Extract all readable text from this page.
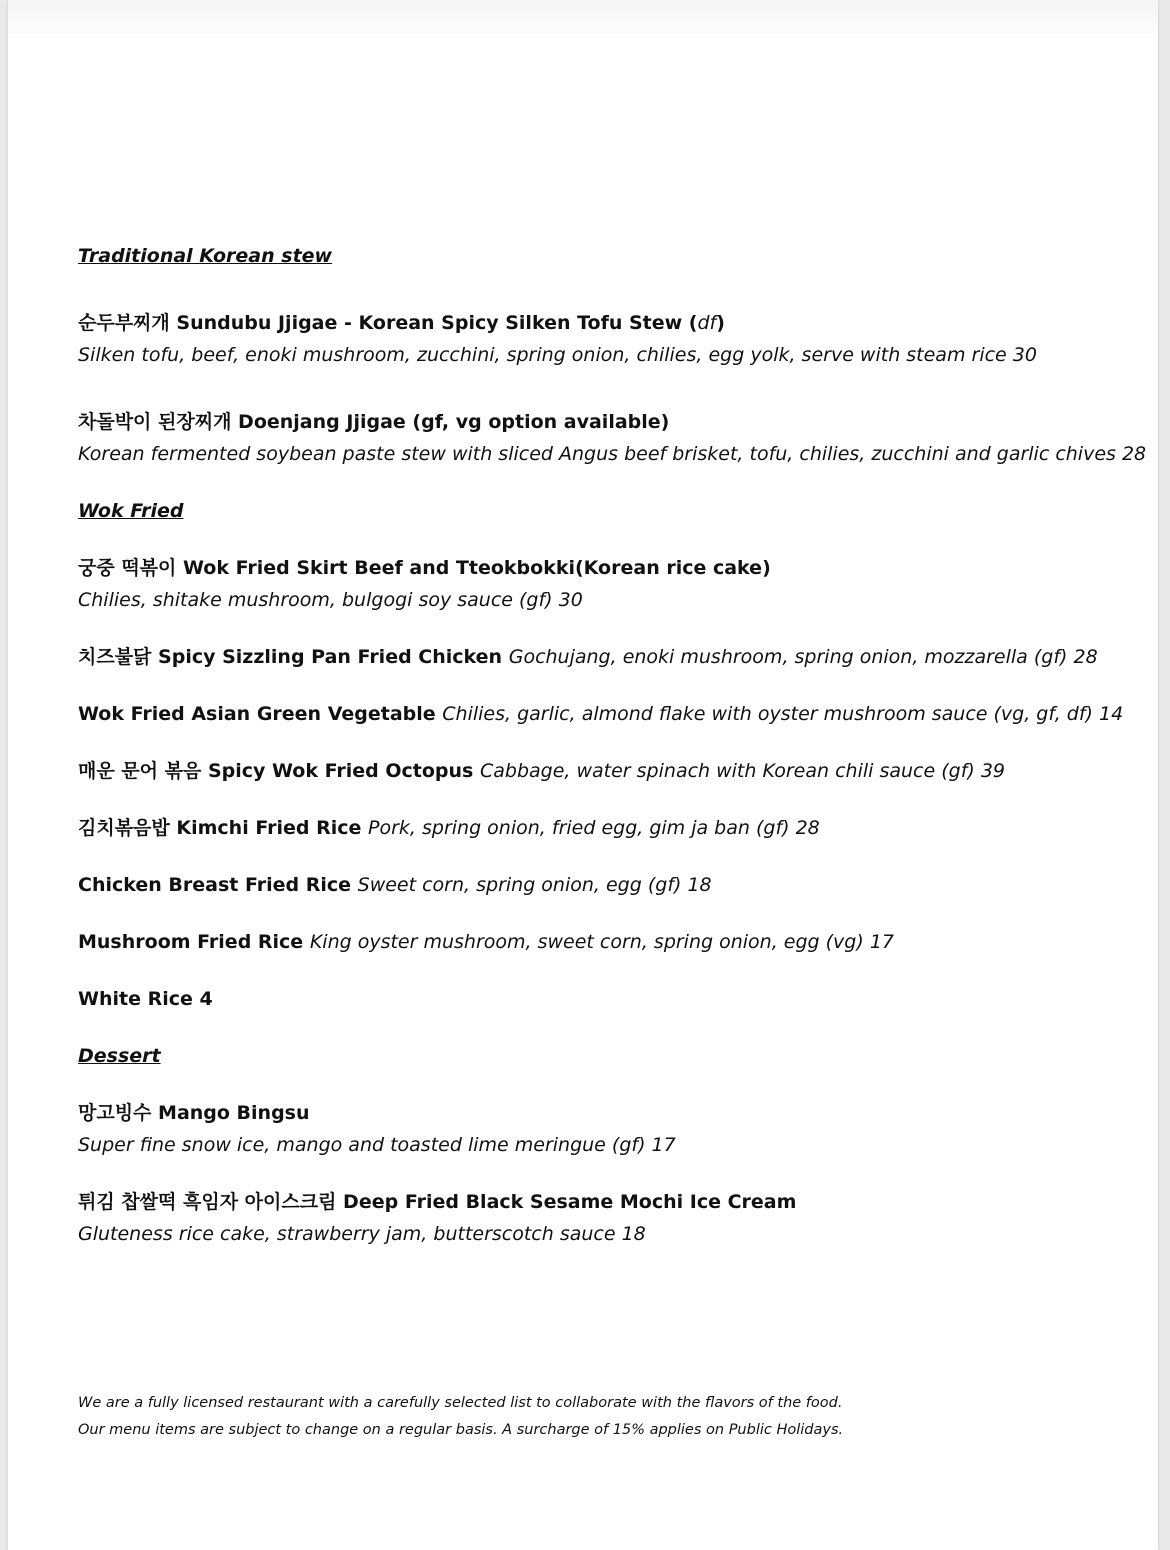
Traditional Korean stew
순두부찌개 Sundubu Jjigae - Korean Spicy Silken Tofu Stew (df)
Silken tofu, beef, enoki mushroom, zucchini, spring onion, chilies, egg yolk, serve with steam rice 30
차돌박이 된장찌개 Doenjang Jjigae (gf, vg option available)
Korean fermented soybean paste stew with sliced Angus beef brisket, tofu, chilies, zucchini and garlic chives 28
Wok Fried
궁중 떡볶이 Wok Fried Skirt Beef and Tteokbokki(Korean rice cake)
Chilies, shitake mushroom, bulgogi soy sauce (gf) 30
치즈불닭 Spicy Sizzling Pan Fried Chicken Gochujang, enoki mushroom, spring onion, mozzarella (gf) 28
Wok Fried Asian Green Vegetable Chilies, garlic, almond flake with oyster mushroom sauce (vg, gf, df) 14
매운 문어 볶음 Spicy Wok Fried Octopus Cabbage, water spinach with Korean chili sauce (gf) 39
김치볶음밥 Kimchi Fried Rice Pork, spring onion, fried egg, gim ja ban (gf) 28
Chicken Breast Fried Rice Sweet corn, spring onion, egg (gf) 18
Mushroom Fried Rice King oyster mushroom, sweet corn, spring onion, egg (vg) 17
White Rice 4
Dessert
망고빙수 Mango Bingsu
Super fine snow ice, mango and toasted lime meringue (gf) 17
튀김 찹쌀떡 흑임자 아이스크림 Deep Fried Black Sesame Mochi Ice Cream
Gluteness rice cake, strawberry jam, butterscotch sauce 18
We are a fully licensed restaurant with a carefully selected list to collaborate with the flavors of the food.
Our menu items are subject to change on a regular basis. A surcharge of 15% applies on Public Holidays.
